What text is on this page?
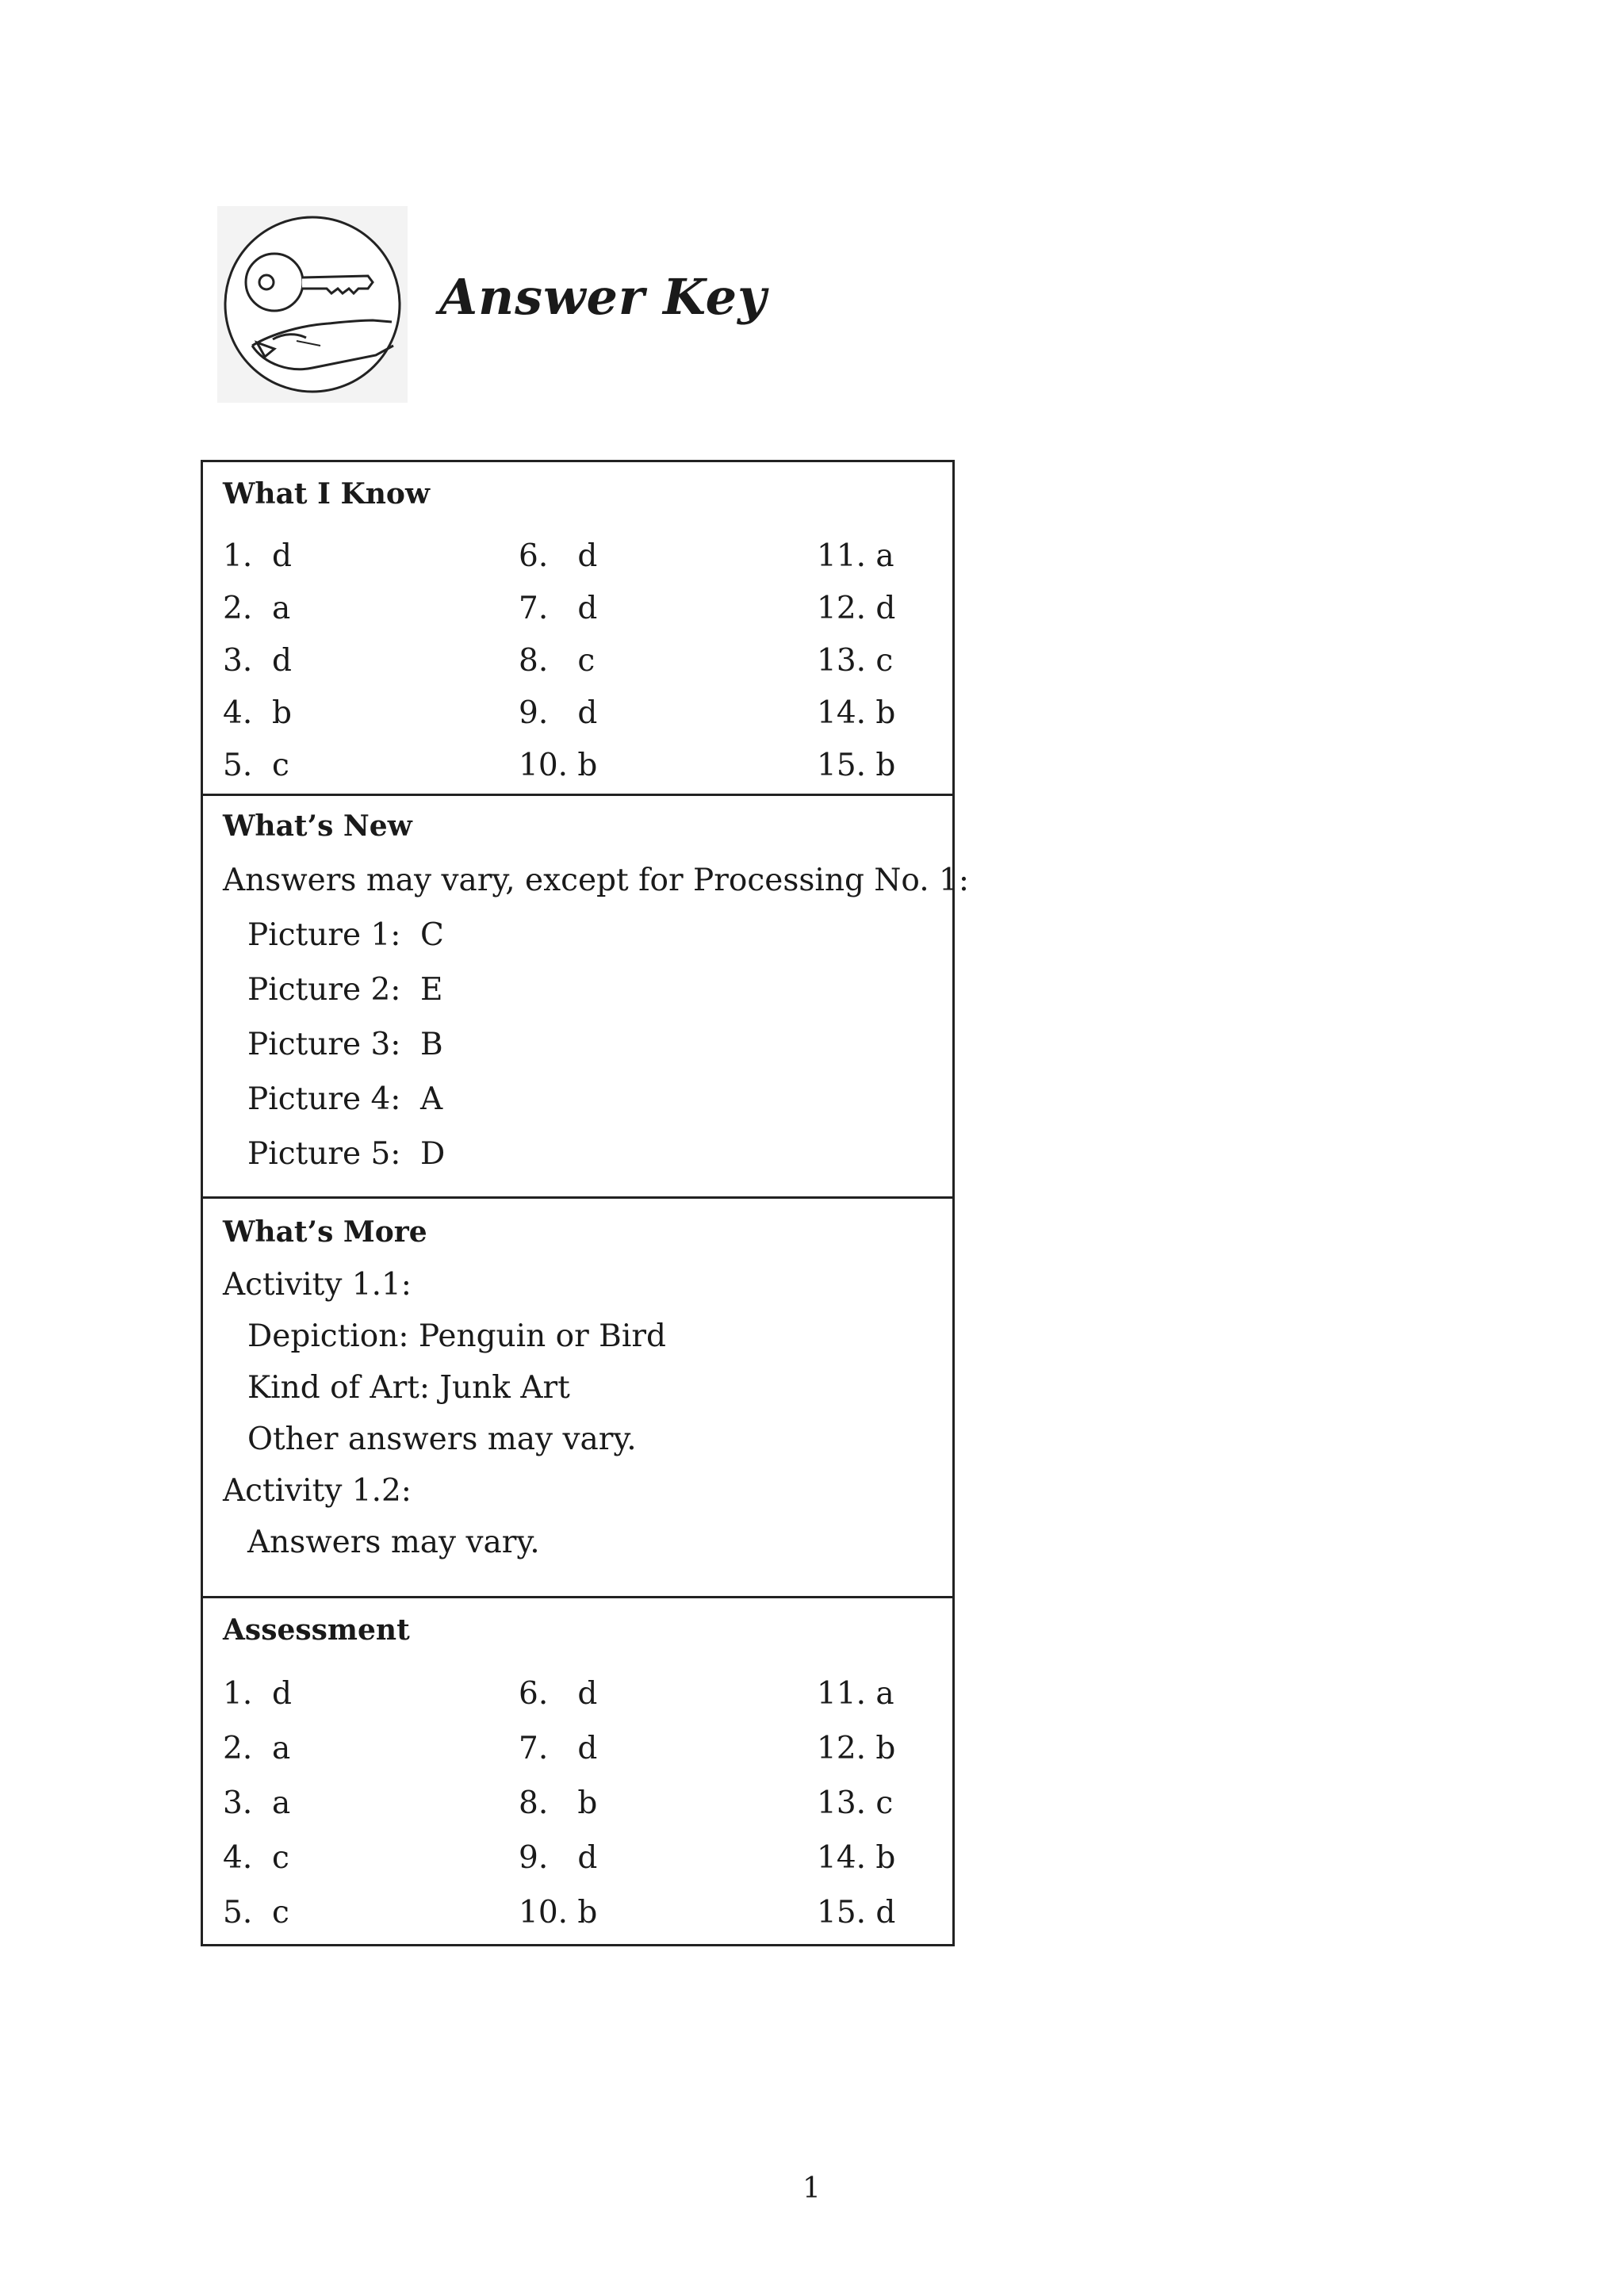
Answer Key
What I Know
1.  d	6.   d	11. a
2.  a	7.   d	12. d
3.  d	8.   c	13. c
4.  b	9.   d	14. b
5.  c	10. b	15. b
What’s New
Answers may vary, except for Processing No. 1:
Picture 1: C
Picture 2: E
Picture 3: B
Picture 4: A
Picture 5: D
What’s More
Activity 1.1:
Depiction: Penguin or Bird
Kind of Art: Junk Art
Other answers may vary.
Activity 1.2:
Answers may vary.
Assessment
1.  d	6.   d	11. a
2.  a	7.   d	12. b
3.  a	8.   b	13. c
4.  c	9.   d	14. b
5.  c	10. b	15. d
1
